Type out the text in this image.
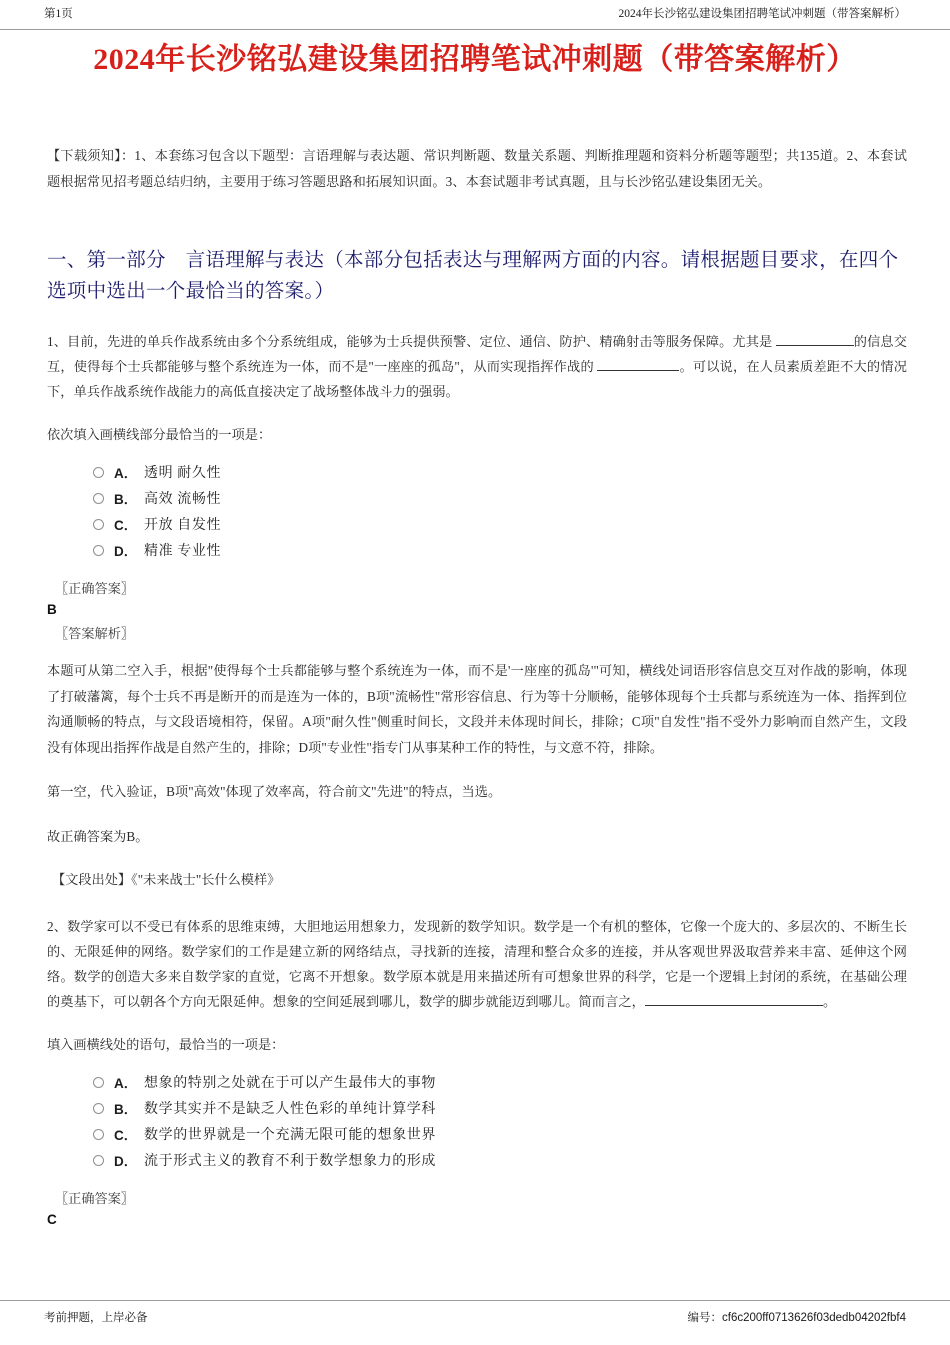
第1页	2024年长沙铭弘建设集团招聘笔试冲刺题（带答案解析）
2024年长沙铭弘建设集团招聘笔试冲刺题（带答案解析）
【下载须知】：1、本套练习包含以下题型：言语理解与表达题、常识判断题、数量关系题、判断推理题和资料分析题等题型；共135道。2、本套试题根据常见招考题总结归纳，主要用于练习答题思路和拓展知识面。3、本套试题非考试真题，且与长沙铭弘建设集团无关。
一、第一部分　言语理解与表达（本部分包括表达与理解两方面的内容。请根据题目要求，在四个选项中选出一个最恰当的答案。）
1、目前，先进的单兵作战系统由多个分系统组成，能够为士兵提供预警、定位、通信、防护、精确射击等服务保障。尤其是	的信息交互，使得每个士兵都能够与整个系统连为一体，而不是"一座座的孤岛"，从而实现指挥作战的	。可以说，在人员素质差距不大的情况下，单兵作战系统作战能力的高低直接决定了战场整体战斗力的强弱。
依次填入画横线部分最恰当的一项是：
A． 透明 耐久性
B． 高效 流畅性
C． 开放 自发性
D． 精准 专业性
〖正确答案〗
B
〖答案解析〗
本题可从第二空入手，根据"使得每个士兵都能够与整个系统连为一体，而不是'一座座的孤岛'"可知，横线处词语形容信息交互对作战的影响，体现了打破藩篱，每个士兵不再是断开的而是连为一体的，B项"流畅性"常形容信息、行为等十分顺畅，能够体现每个士兵都与系统连为一体、指挥到位沟通顺畅的特点，与文段语境相符，保留。A项"耐久性"侧重时间长，文段并未体现时间长，排除；C项"自发性"指不受外力影响而自然产生，文段没有体现出指挥作战是自然产生的，排除；D项"专业性"指专门从事某种工作的特性，与文意不符，排除。
第一空，代入验证，B项"高效"体现了效率高，符合前文"先进"的特点，当选。
故正确答案为B。
【文段出处】《"未来战士"长什么模样》
2、数学家可以不受已有体系的思维束缚，大胆地运用想象力，发现新的数学知识。数学是一个有机的整体，它像一个庞大的、多层次的、不断生长的、无限延伸的网络。数学家们的工作是建立新的网络结点，寻找新的连接，清理和整合众多的连接，并从客观世界汲取营养来丰富、延伸这个网络。数学的创造大多来自数学家的直觉，它离不开想象。数学原本就是用来描述所有可想象世界的科学，它是一个逻辑上封闭的系统，在基础公理的奠基下，可以朝各个方向无限延伸。想象的空间延展到哪儿，数学的脚步就能迈到哪儿。简而言之，	。
填入画横线处的语句，最恰当的一项是：
A． 想象的特别之处就在于可以产生最伟大的事物
B． 数学其实并不是缺乏人性色彩的单纯计算学科
C． 数学的世界就是一个充满无限可能的想象世界
D． 流于形式主义的教育不利于数学想象力的形成
〖正确答案〗
C
考前押题，上岸必备	编号：cf6c200ff0713626f03dedb04202fbf4
